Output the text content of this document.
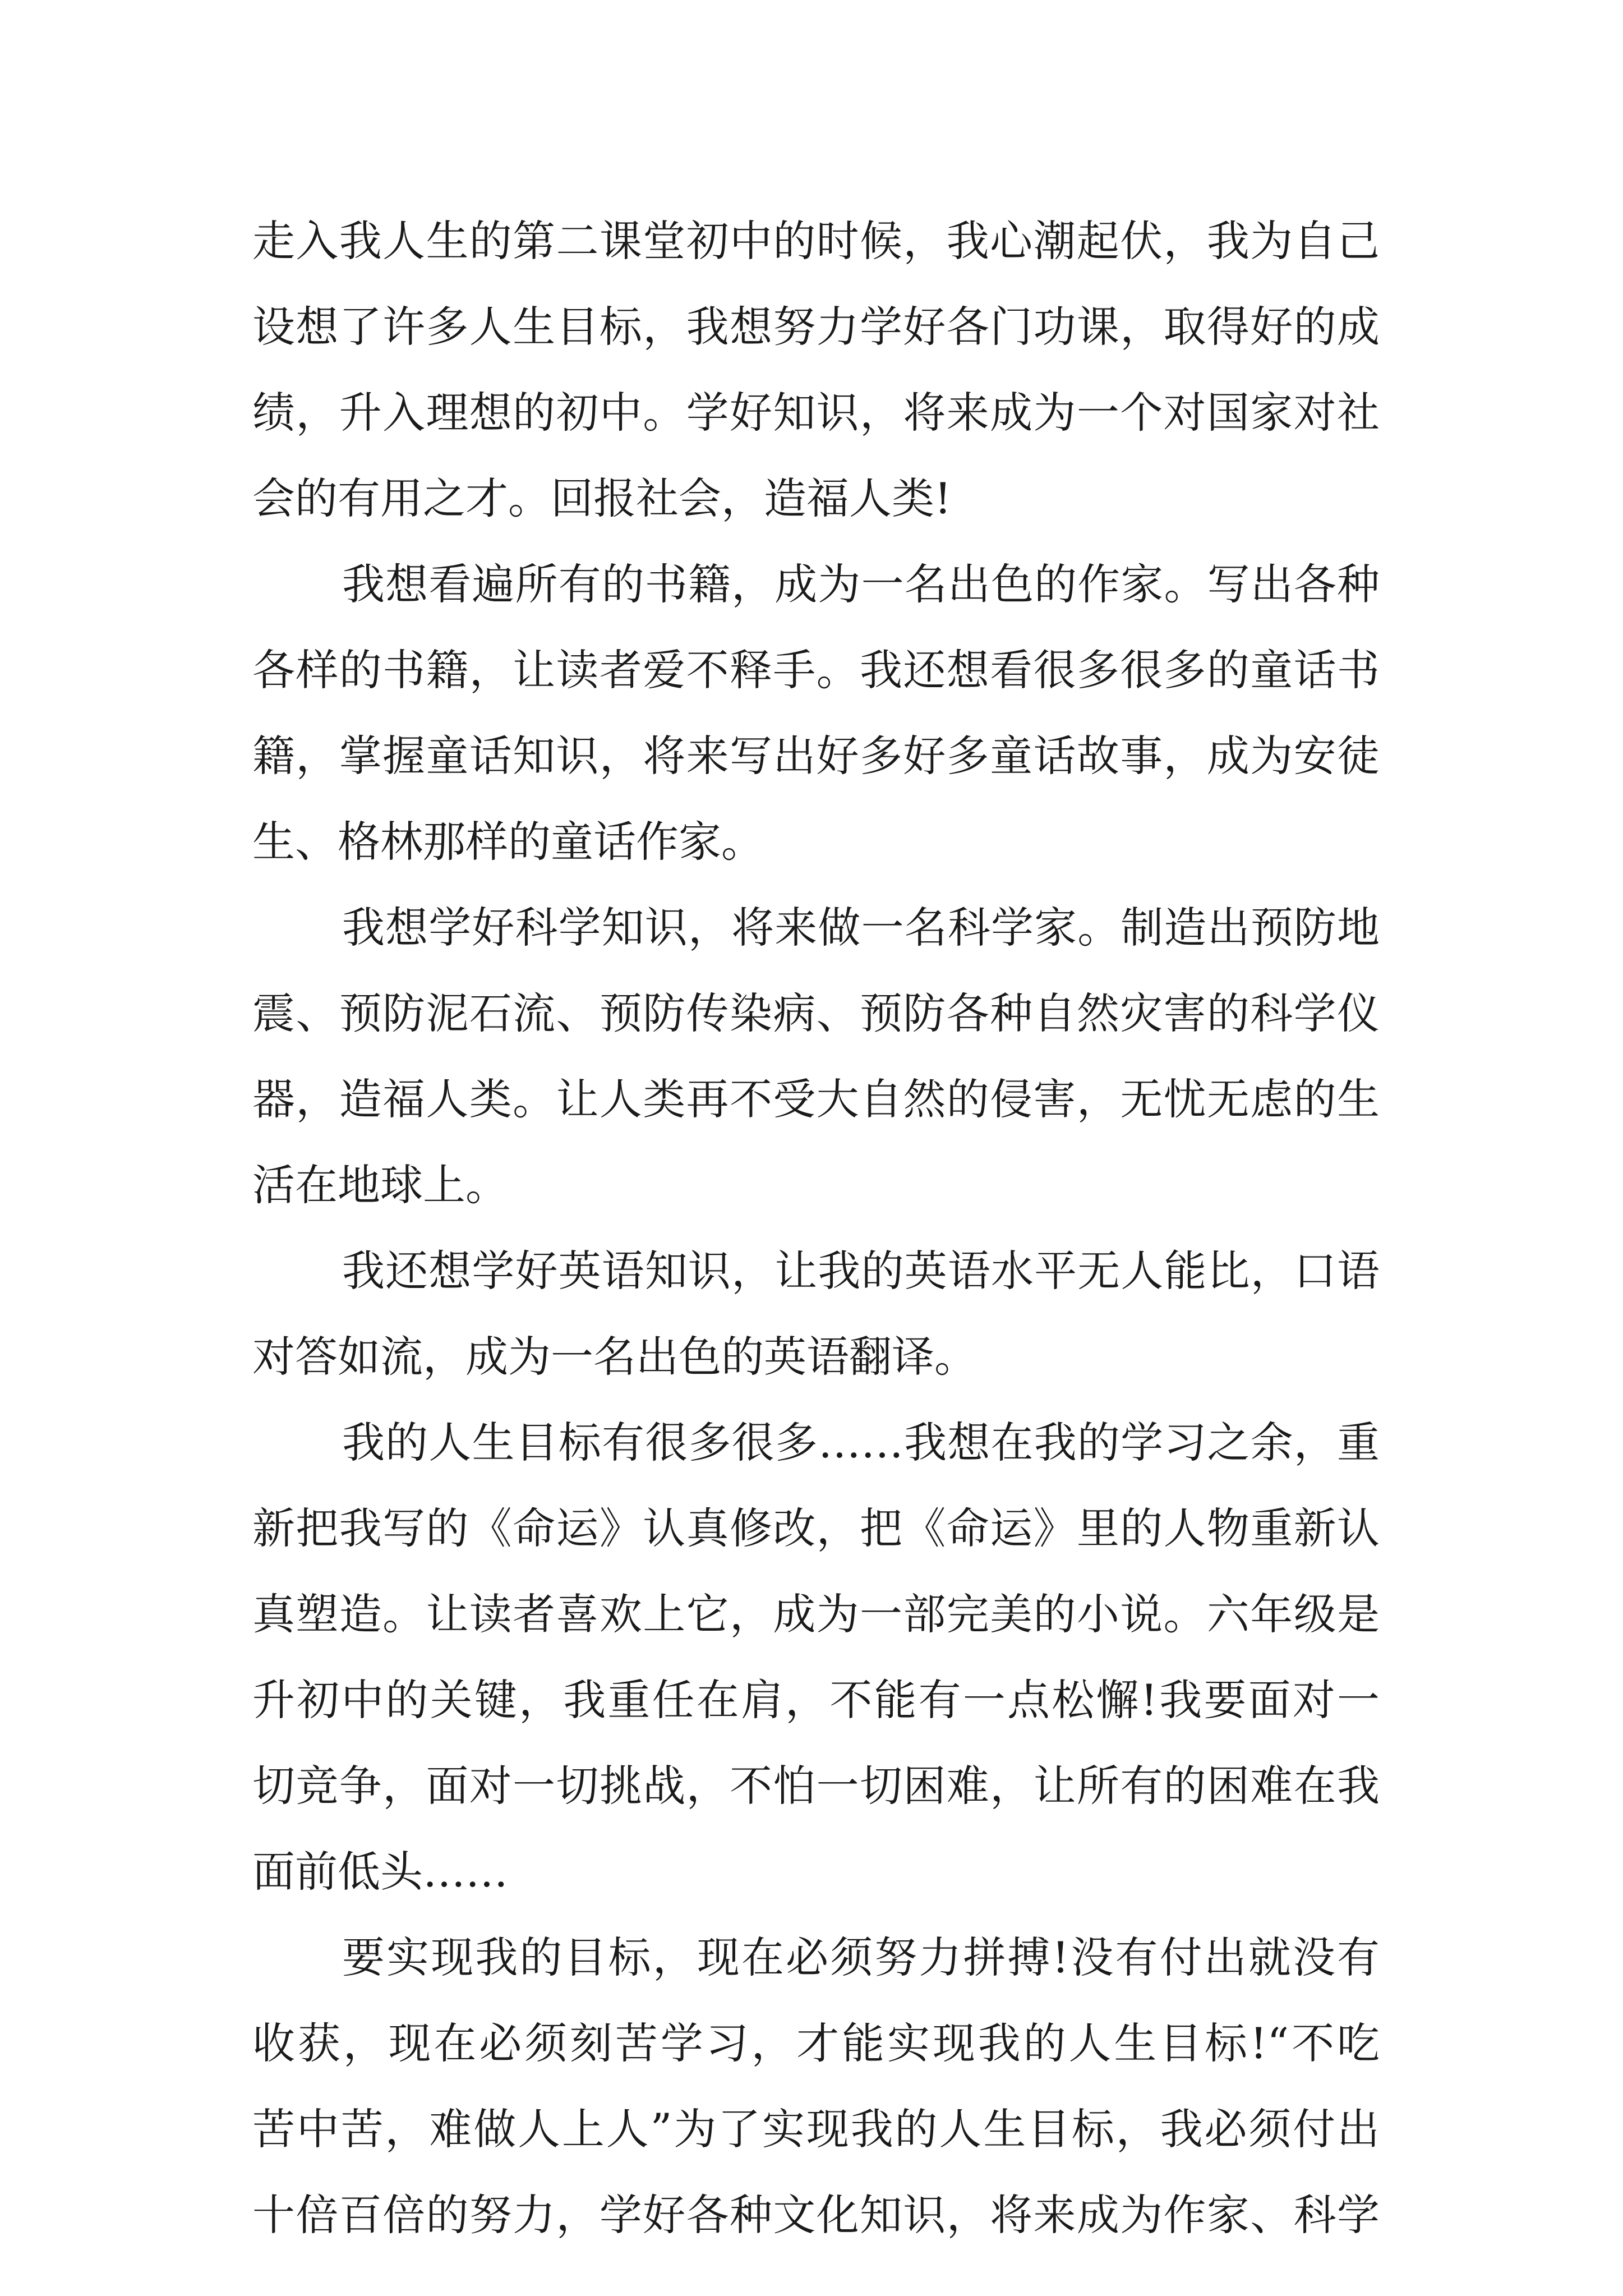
走入我人生的第二课堂初中的时候，我心潮起伏，我为自己
设想了许多人生目标，我想努力学好各门功课，取得好的成
绩，升入理想的初中。学好知识，将来成为一个对国家对社
会的有用之才。回报社会，造福人类!
我想看遍所有的书籍，成为一名出色的作家。写出各种
各样的书籍，让读者爱不释手。我还想看很多很多的童话书
籍，掌握童话知识，将来写出好多好多童话故事，成为安徒
生、格林那样的童话作家。
我想学好科学知识，将来做一名科学家。制造出预防地
震、预防泥石流、预防传染病、预防各种自然灾害的科学仪
器，造福人类。让人类再不受大自然的侵害，无忧无虑的生
活在地球上。
我还想学好英语知识，让我的英语水平无人能比，口语
对答如流，成为一名出色的英语翻译。
我的人生目标有很多很多……我想在我的学习之余，重
新把我写的《命运》认真修改，把《命运》里的人物重新认
真塑造。让读者喜欢上它，成为一部完美的小说。六年级是
升初中的关键，我重任在肩，不能有一点松懈!我要面对一
切竞争，面对一切挑战，不怕一切困难，让所有的困难在我
面前低头……
要实现我的目标，现在必须努力拼搏!没有付出就没有
收获，现在必须刻苦学习，才能实现我的人生目标!“不吃
苦中苦，难做人上人”为了实现我的人生目标，我必须付出
十倍百倍的努力，学好各种文化知识，将来成为作家、科学
